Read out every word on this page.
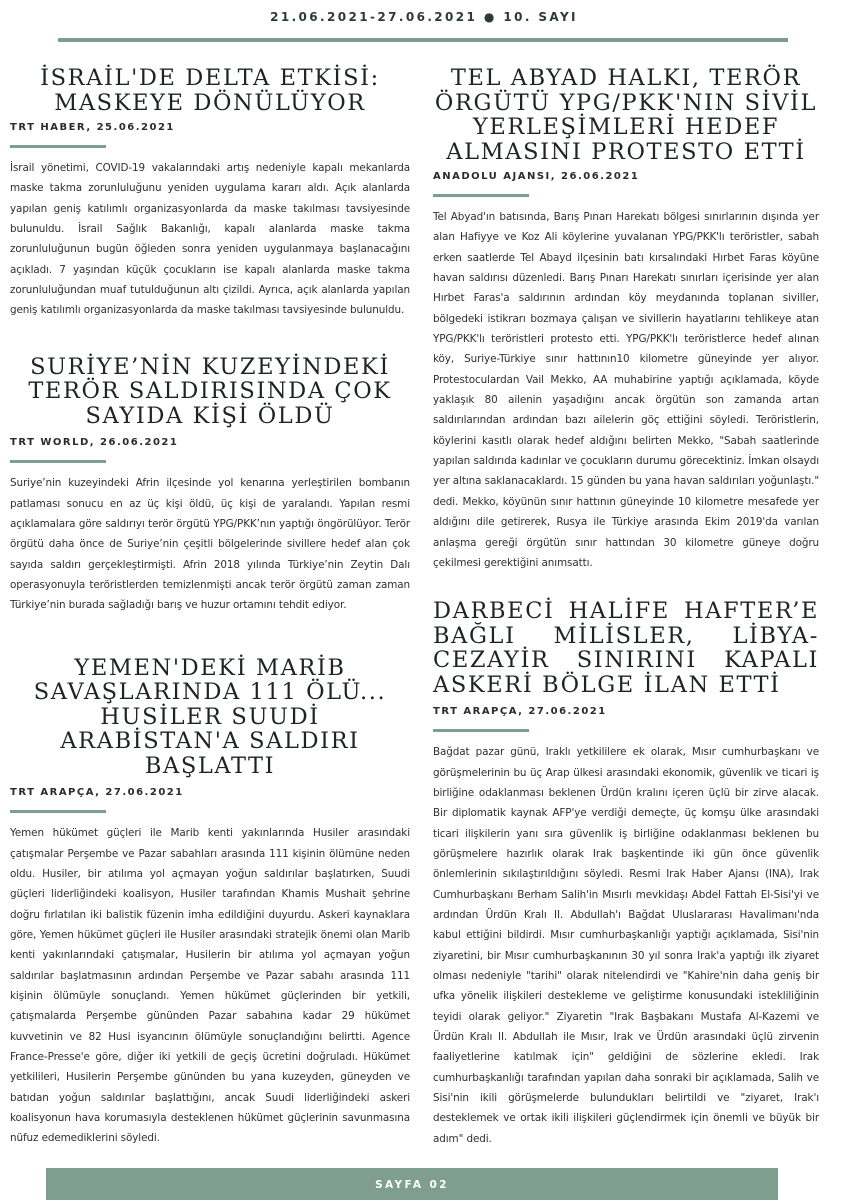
21.06.2021-27.06.2021 ● 10. SAYI
İSRAİL'DE DELTA ETKİSİ: MASKEYE DÖNÜLÜYOR
TRT HABER, 25.06.2021
İsrail yönetimi, COVID-19 vakalarındaki artış nedeniyle kapalı mekanlarda maske takma zorunluluğunu yeniden uygulama kararı aldı. Açık alanlarda yapılan geniş katılımlı organizasyonlarda da maske takılması tavsiyesinde bulunuldu. İsrail Sağlık Bakanlığı, kapalı alanlarda maske takma zorunluluğunun bugün öğleden sonra yeniden uygulanmaya başlanacağını açıkladı. 7 yaşından küçük çocukların ise kapalı alanlarda maske takma zorunluluğundan muaf tutulduğunun altı çizildi. Ayrıca, açık alanlarda yapılan geniş katılımlı organizasyonlarda da maske takılması tavsiyesinde bulunuldu.
SURİYE’NİN KUZEYİNDEKİ TERÖR SALDIRISINDA ÇOK SAYIDA KİŞİ ÖLDÜ
TRT WORLD, 26.06.2021
Suriye’nin kuzeyindeki Afrin ilçesinde yol kenarına yerleştirilen bombanın patlaması sonucu en az üç kişi öldü, üç kişi de yaralandı. Yapılan resmi açıklamalara göre saldırıyı terör örgütü YPG/PKK’nın yaptığı öngörülüyor. Terör örgütü daha önce de Suriye’nin çeşitli bölgelerinde sivillere hedef alan çok sayıda saldırı gerçekleştirmişti. Afrin 2018 yılında Türkiye’nin Zeytin Dalı operasyonuyla teröristlerden temizlenmişti ancak terör örgütü zaman zaman Türkiye’nin burada sağladığı barış ve huzur ortamını tehdit ediyor.
YEMEN'DEKİ MARİB SAVAŞLARINDA 111 ÖLÜ... HUSİLER SUUDİ ARABİSTAN'A SALDIRI BAŞLATTI
TRT ARAPÇA, 27.06.2021
Yemen hükümet güçleri ile Marib kenti yakınlarında Husiler arasındaki çatışmalar Perşembe ve Pazar sabahları arasında 111 kişinin ölümüne neden oldu. Husiler, bir atılıma yol açmayan yoğun saldırılar başlatırken, Suudi güçleri liderliğindeki koalisyon, Husiler tarafından Khamis Mushait şehrine doğru fırlatılan iki balistik füzenin imha edildiğini duyurdu. Askeri kaynaklara göre, Yemen hükümet güçleri ile Husiler arasındaki stratejik önemi olan Marib kenti yakınlarındaki çatışmalar, Husilerin bir atılıma yol açmayan yoğun saldırılar başlatmasının ardından Perşembe ve Pazar sabahı arasında 111 kişinin ölümüyle sonuçlandı. Yemen hükümet güçlerinden bir yetkili, çatışmalarda Perşembe gününden Pazar sabahına kadar 29 hükümet kuvvetinin ve 82 Husi isyancının ölümüyle sonuçlandığını belirtti. Agence France-Presse'e göre, diğer iki yetkili de geçiş ücretini doğruladı. Hükümet yetkilileri, Husilerin Perşembe gününden bu yana kuzeyden, güneyden ve batıdan yoğun saldırılar başlattığını, ancak Suudi liderliğindeki askeri koalisyonun hava korumasıyla desteklenen hükümet güçlerinin savunmasına nüfuz edemediklerini söyledi.
TEL ABYAD HALKI, TERÖR ÖRGÜTÜ YPG/PKK'NIN SİVİL YERLEŞİMLERİ HEDEF ALMASINI PROTESTO ETTİ
ANADOLU AJANSI, 26.06.2021
Tel Abyad'ın batısında, Barış Pınarı Harekatı bölgesi sınırlarının dışında yer alan Hafiyye ve Koz Ali köylerine yuvalanan YPG/PKK'lı teröristler, sabah erken saatlerde Tel Abayd ilçesinin batı kırsalındaki Hırbet Faras köyüne havan saldırısı düzenledi. Barış Pınarı Harekatı sınırları içerisinde yer alan Hırbet Faras'a saldırının ardından köy meydanında toplanan siviller, bölgedeki istikrarı bozmaya çalışan ve sivillerin hayatlarını tehlikeye atan YPG/PKK'lı teröristleri protesto etti. YPG/PKK'lı teröristlerce hedef alınan köy, Suriye-Türkiye sınır hattının10 kilometre güneyinde yer alıyor. Protestoculardan Vail Mekko, AA muhabirine yaptığı açıklamada, köyde yaklaşık 80 ailenin yaşadığını ancak örgütün son zamanda artan saldırılarından ardından bazı ailelerin göç ettiğini söyledi. Teröristlerin, köylerini kasıtlı olarak hedef aldığını belirten Mekko, "Sabah saatlerinde yapılan saldırıda kadınlar ve çocukların durumu görecektiniz. İmkan olsaydı yer altına saklanacaklardı. 15 günden bu yana havan saldırıları yoğunlaştı." dedi. Mekko, köyünün sınır hattının güneyinde 10 kilometre mesafede yer aldığını dile getirerek, Rusya ile Türkiye arasında Ekim 2019'da varılan anlaşma gereği örgütün sınır hattından 30 kilometre güneye doğru çekilmesi gerektiğini anımsattı.
DARBECİ HALİFE HAFTER’E BAĞLI MİLİSLER, LİBYA-CEZAYİR SINIRINI KAPALI ASKERİ BÖLGE İLAN ETTİ
TRT ARAPÇA, 27.06.2021
Bağdat pazar günü, Iraklı yetkililere ek olarak, Mısır cumhurbaşkanı ve görüşmelerinin bu üç Arap ülkesi arasındaki ekonomik, güvenlik ve ticari iş birliğine odaklanması beklenen Ürdün kralını içeren üçlü bir zirve alacak. Bir diplomatik kaynak AFP'ye verdiği demeçte, üç komşu ülke arasındaki ticari ilişkilerin yanı sıra güvenlik iş birliğine odaklanması beklenen bu görüşmelere hazırlık olarak Irak başkentinde iki gün önce güvenlik önlemlerinin sıkılaştırıldığını söyledi. Resmi Irak Haber Ajansı (INA), Irak Cumhurbaşkanı Berham Salih'in Mısırlı mevkidaşı Abdel Fattah El-Sisi'yi ve ardından Ürdün Kralı II. Abdullah'ı Bağdat Uluslararası Havalimanı'nda kabul ettiğini bildirdi. Mısır cumhurbaşkanlığı yaptığı açıklamada, Sisi'nin ziyaretini, bir Mısır cumhurbaşkanının 30 yıl sonra Irak'a yaptığı ilk ziyaret olması nedeniyle "tarihi" olarak nitelendirdi ve "Kahire'nin daha geniş bir ufka yönelik ilişkileri destekleme ve geliştirme konusundaki istekliliğinin teyidi olarak geliyor." Ziyaretin "Irak Başbakanı Mustafa Al-Kazemi ve Ürdün Kralı II. Abdullah ile Mısır, Irak ve Ürdün arasındaki üçlü zirvenin faaliyetlerine katılmak için" geldiğini de sözlerine ekledi. Irak cumhurbaşkanlığı tarafından yapılan daha sonraki bir açıklamada, Salih ve Sisi'nin ikili görüşmelerde bulundukları belirtildi ve "ziyaret, Irak'ı desteklemek ve ortak ikili ilişkileri güçlendirmek için önemli ve büyük bir adım" dedi.
SAYFA 02
